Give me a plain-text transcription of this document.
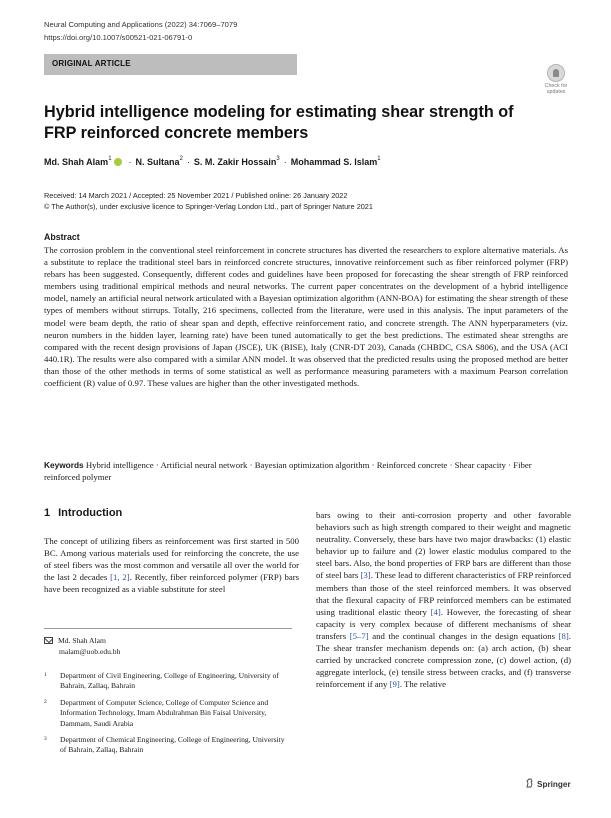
Neural Computing and Applications (2022) 34:7069–7079
https://doi.org/10.1007/s00521-021-06791-0
ORIGINAL ARTICLE
Check for
updates
Hybrid intelligence modeling for estimating shear strength of FRP reinforced concrete members
Md. Shah Alam$^1$ · N. Sultana$^2$ · S. M. Zakir Hossain$^3$ · Mohammad S. Islam$^1$
Received: 14 March 2021 / Accepted: 25 November 2021 / Published online: 26 January 2022
© The Author(s), under exclusive licence to Springer-Verlag London Ltd., part of Springer Nature 2021
Abstract
The corrosion problem in the conventional steel reinforcement in concrete structures has diverted the researchers to explore alternative materials. As a substitute to replace the traditional steel bars in reinforced concrete structures, innovative reinforcement such as fiber reinforced polymer (FRP) rebars has been suggested. Consequently, different codes and guidelines have been proposed for forecasting the shear strength of FRP reinforced members using traditional empirical methods and neural networks. The current paper concentrates on the development of a hybrid intelligence model, namely an artificial neural network articulated with a Bayesian optimization algorithm (ANN-BOA) for estimating the shear strength of these types of members without stirrups. Totally, 216 specimens, collected from the literature, were used in this analysis. The input parameters of the model were beam depth, the ratio of shear span and depth, effective reinforcement ratio, and concrete strength. The ANN hyperparameters (viz. neuron numbers in the hidden layer, learning rate) have been tuned automatically to get the best predictions. The estimated shear strengths are compared with the recent design provisions of Japan (JSCE), UK (BISE), Italy (CNR-DT 203), Canada (CHBDC, CSA S806), and the USA (ACI 440.1R). The results were also compared with a similar ANN model. It was observed that the predicted results using the proposed method are better than those of the other methods in terms of some statistical as well as performance measuring parameters with a maximum Pearson correlation coefficient (R) value of 0.97. These values are higher than the other investigated methods.
Keywords Hybrid intelligence · Artificial neural network · Bayesian optimization algorithm · Reinforced concrete · Shear capacity · Fiber reinforced polymer
1 Introduction
The concept of utilizing fibers as reinforcement was first started in 500 BC. Among various materials used for reinforcing the concrete, the use of steel fibers was the most common and versatile all over the world for the last 2 decades [1, 2]. Recently, fiber reinforced polymer (FRP) bars have been recognized as a viable substitute for steel
bars owing to their anti-corrosion property and other favorable behaviors such as high strength compared to their weight and magnetic neutrality. Conversely, these bars have two major drawbacks: (1) elastic behavior up to failure and (2) lower elastic modulus compared to the steel bars. Also, the bond properties of FRP bars are different than those of steel bars [3]. These lead to different characteristics of FRP reinforced members than those of the steel reinforced members. It was observed that the flexural capacity of FRP reinforced members can be estimated using traditional elastic theory [4]. However, the forecasting of shear capacity is very complex because of different mechanisms of shear transfers [5–7] and the continual changes in the design equations [8]. The shear transfer mechanism depends on: (a) arch action, (b) shear carried by uncracked concrete compression zone, (c) dowel action, (d) aggregate interlock, (e) tensile stress between cracks, and (f) transverse reinforcement if any [9]. The relative
Md. Shah Alam
malam@uob.edu.bh
1 Department of Civil Engineering, College of Engineering, University of Bahrain, Zallaq, Bahrain
2 Department of Computer Science, College of Computer Science and Information Technology, Imam Abdulrahman Bin Faisal University, Dammam, Saudi Arabia
3 Department of Chemical Engineering, College of Engineering, University of Bahrain, Zallaq, Bahrain
Springer
